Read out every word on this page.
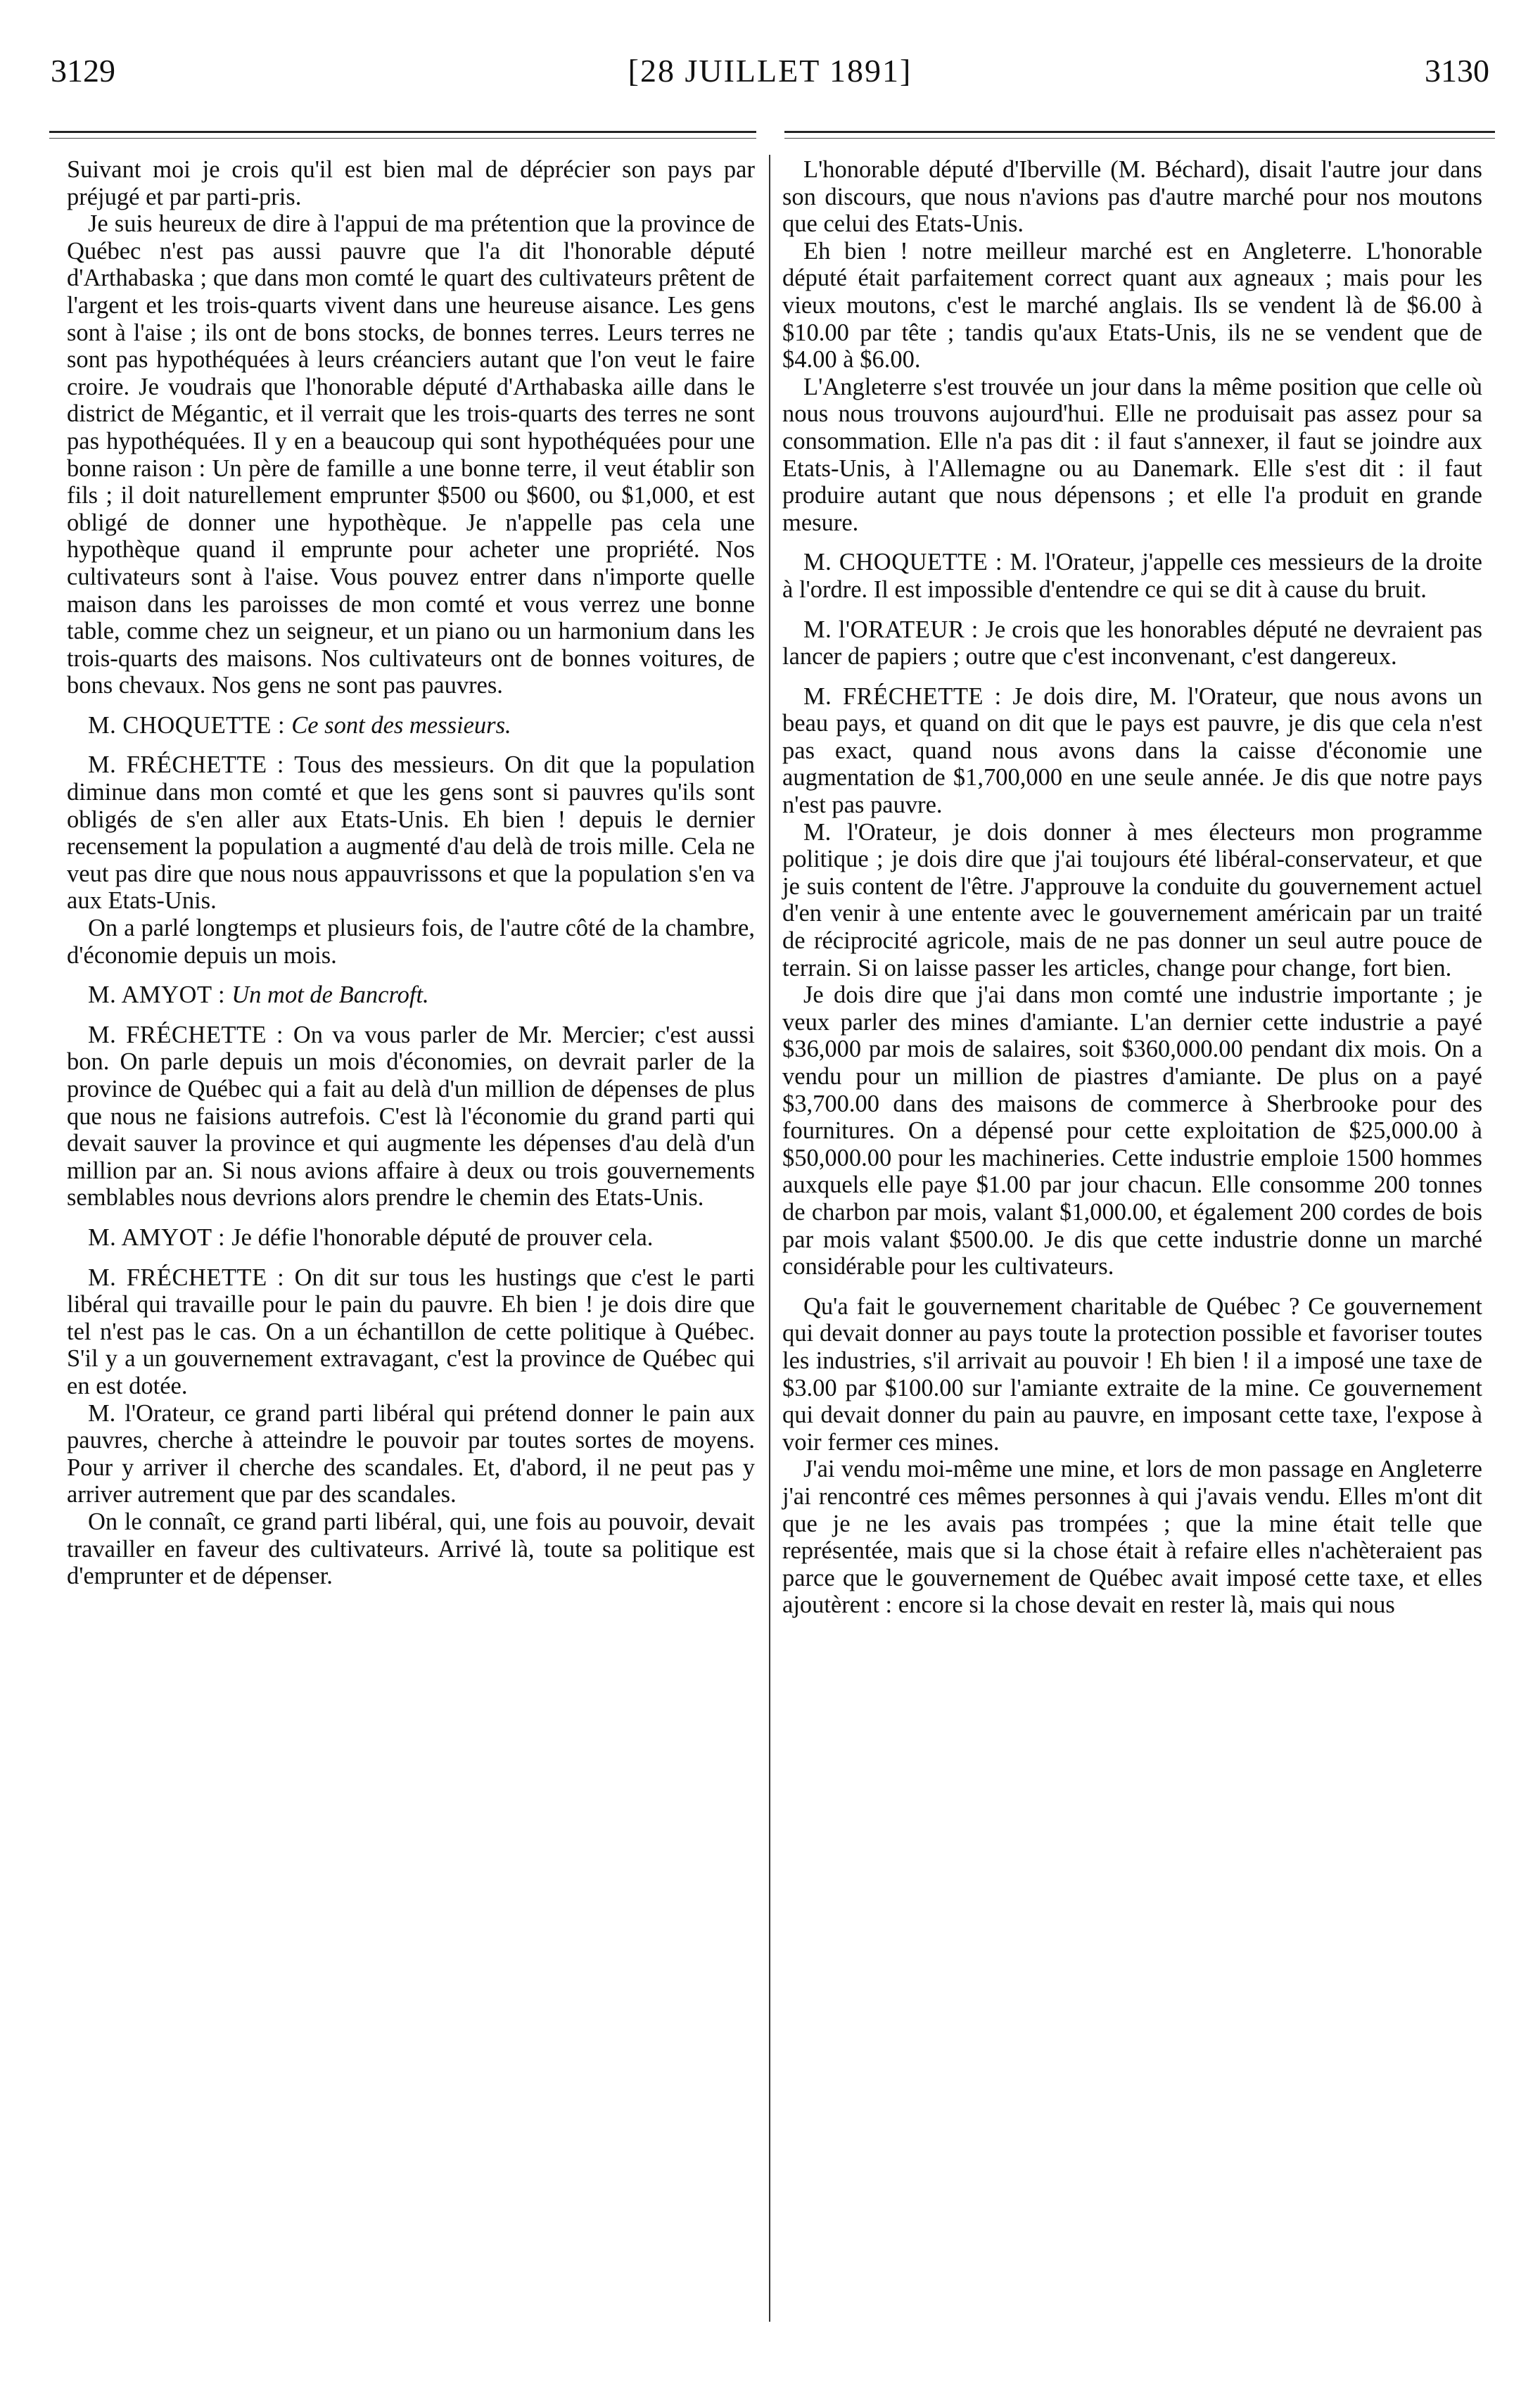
3129	[28 JUILLET 1891]	3130

Suivant moi je crois qu'il est bien mal de déprécier son pays par préjugé et par parti-pris.

Je suis heureux de dire à l'appui de ma prétention que la province de Québec n'est pas aussi pauvre que l'a dit l'honorable député d'Arthabaska ; que dans mon comté le quart des cultivateurs prêtent de l'argent et les trois-quarts vivent dans une heureuse aisance. Les gens sont à l'aise ; ils ont de bons stocks, de bonnes terres. Leurs terres ne sont pas hypothéquées à leurs créanciers autant que l'on veut le faire croire. Je voudrais que l'honorable député d'Arthabaska aille dans le district de Mégantic, et il verrait que les trois-quarts des terres ne sont pas hypothéquées. Il y en a beaucoup qui sont hypothéquées pour une bonne raison : Un père de famille a une bonne terre, il veut établir son fils ; il doit naturellement emprunter $500 ou $600, ou $1,000, et est obligé de donner une hypothèque. Je n'appelle pas cela une hypothèque quand il emprunte pour acheter une propriété. Nos cultivateurs sont à l'aise. Vous pouvez entrer dans n'importe quelle maison dans les paroisses de mon comté et vous verrez une bonne table, comme chez un seigneur, et un piano ou un harmonium dans les trois-quarts des maisons. Nos cultivateurs ont de bonnes voitures, de bons chevaux. Nos gens ne sont pas pauvres.

M. CHOQUETTE : Ce sont des messieurs.

M. FRÉCHETTE : Tous des messieurs. On dit que la population diminue dans mon comté et que les gens sont si pauvres qu'ils sont obligés de s'en aller aux Etats-Unis. Eh bien ! depuis le dernier recensement la population a augmenté d'au delà de trois mille. Cela ne veut pas dire que nous nous appauvrissons et que la population s'en va aux Etats-Unis.

On a parlé longtemps et plusieurs fois, de l'autre côté de la chambre, d'économie depuis un mois.

M. AMYOT : Un mot de Bancroft.

M. FRÉCHETTE : On va vous parler de Mr. Mercier; c'est aussi bon. On parle depuis un mois d'économies, on devrait parler de la province de Québec qui a fait au delà d'un million de dépenses de plus que nous ne faisions autrefois. C'est là l'économie du grand parti qui devait sauver la province et qui augmente les dépenses d'au delà d'un million par an. Si nous avions affaire à deux ou trois gouvernements semblables nous devrions alors prendre le chemin des Etats-Unis.

M. AMYOT : Je défie l'honorable député de prouver cela.

M. FRÉCHETTE : On dit sur tous les hustings que c'est le parti libéral qui travaille pour le pain du pauvre. Eh bien ! je dois dire que tel n'est pas le cas. On a un échantillon de cette politique à Québec. S'il y a un gouvernement extravagant, c'est la province de Québec qui en est dotée.

M. l'Orateur, ce grand parti libéral qui prétend donner le pain aux pauvres, cherche à atteindre le pouvoir par toutes sortes de moyens. Pour y arriver il cherche des scandales. Et, d'abord, il ne peut pas y arriver autrement que par des scandales.

On le connaît, ce grand parti libéral, qui, une fois au pouvoir, devait travailler en faveur des cultivateurs. Arrivé là, toute sa politique est d'emprunter et de dépenser.

L'honorable député d'Iberville (M. Béchard), disait l'autre jour dans son discours, que nous n'avions pas d'autre marché pour nos moutons que celui des Etats-Unis.

Eh bien ! notre meilleur marché est en Angleterre. L'honorable député était parfaitement correct quant aux agneaux ; mais pour les vieux moutons, c'est le marché anglais. Ils se vendent là de $6.00 à $10.00 par tête ; tandis qu'aux Etats-Unis, ils ne se vendent que de $4.00 à $6.00.

L'Angleterre s'est trouvée un jour dans la même position que celle où nous nous trouvons aujourd'hui. Elle ne produisait pas assez pour sa consommation. Elle n'a pas dit : il faut s'annexer, il faut se joindre aux Etats-Unis, à l'Allemagne ou au Danemark. Elle s'est dit : il faut produire autant que nous dépensons ; et elle l'a produit en grande mesure.

M. CHOQUETTE : M. l'Orateur, j'appelle ces messieurs de la droite à l'ordre. Il est impossible d'entendre ce qui se dit à cause du bruit.

M. l'ORATEUR : Je crois que les honorables député ne devraient pas lancer de papiers ; outre que c'est inconvenant, c'est dangereux.

M. FRÉCHETTE : Je dois dire, M. l'Orateur, que nous avons un beau pays, et quand on dit que le pays est pauvre, je dis que cela n'est pas exact, quand nous avons dans la caisse d'économie une augmentation de $1,700,000 en une seule année. Je dis que notre pays n'est pas pauvre.

M. l'Orateur, je dois donner à mes électeurs mon programme politique ; je dois dire que j'ai toujours été libéral-conservateur, et que je suis content de l'être. J'approuve la conduite du gouvernement actuel d'en venir à une entente avec le gouvernement américain par un traité de réciprocité agricole, mais de ne pas donner un seul autre pouce de terrain. Si on laisse passer les articles, change pour change, fort bien.

Je dois dire que j'ai dans mon comté une industrie importante ; je veux parler des mines d'amiante. L'an dernier cette industrie a payé $36,000 par mois de salaires, soit $360,000.00 pendant dix mois. On a vendu pour un million de piastres d'amiante. De plus on a payé $3,700.00 dans des maisons de commerce à Sherbrooke pour des fournitures. On a dépensé pour cette exploitation de $25,000.00 à $50,000.00 pour les machineries. Cette industrie emploie 1500 hommes auxquels elle paye $1.00 par jour chacun. Elle consomme 200 tonnes de charbon par mois, valant $1,000.00, et également 200 cordes de bois par mois valant $500.00. Je dis que cette industrie donne un marché considérable pour les cultivateurs.

Qu'a fait le gouvernement charitable de Québec ? Ce gouvernement qui devait donner au pays toute la protection possible et favoriser toutes les industries, s'il arrivait au pouvoir ! Eh bien ! il a imposé une taxe de $3.00 par $100.00 sur l'amiante extraite de la mine. Ce gouvernement qui devait donner du pain au pauvre, en imposant cette taxe, l'expose à voir fermer ces mines.

J'ai vendu moi-même une mine, et lors de mon passage en Angleterre j'ai rencontré ces mêmes personnes à qui j'avais vendu. Elles m'ont dit que je ne les avais pas trompées ; que la mine était telle que représentée, mais que si la chose était à refaire elles n'achèteraient pas parce que le gouvernement de Québec avait imposé cette taxe, et elles ajoutèrent : encore si la chose devait en rester là, mais qui nous
